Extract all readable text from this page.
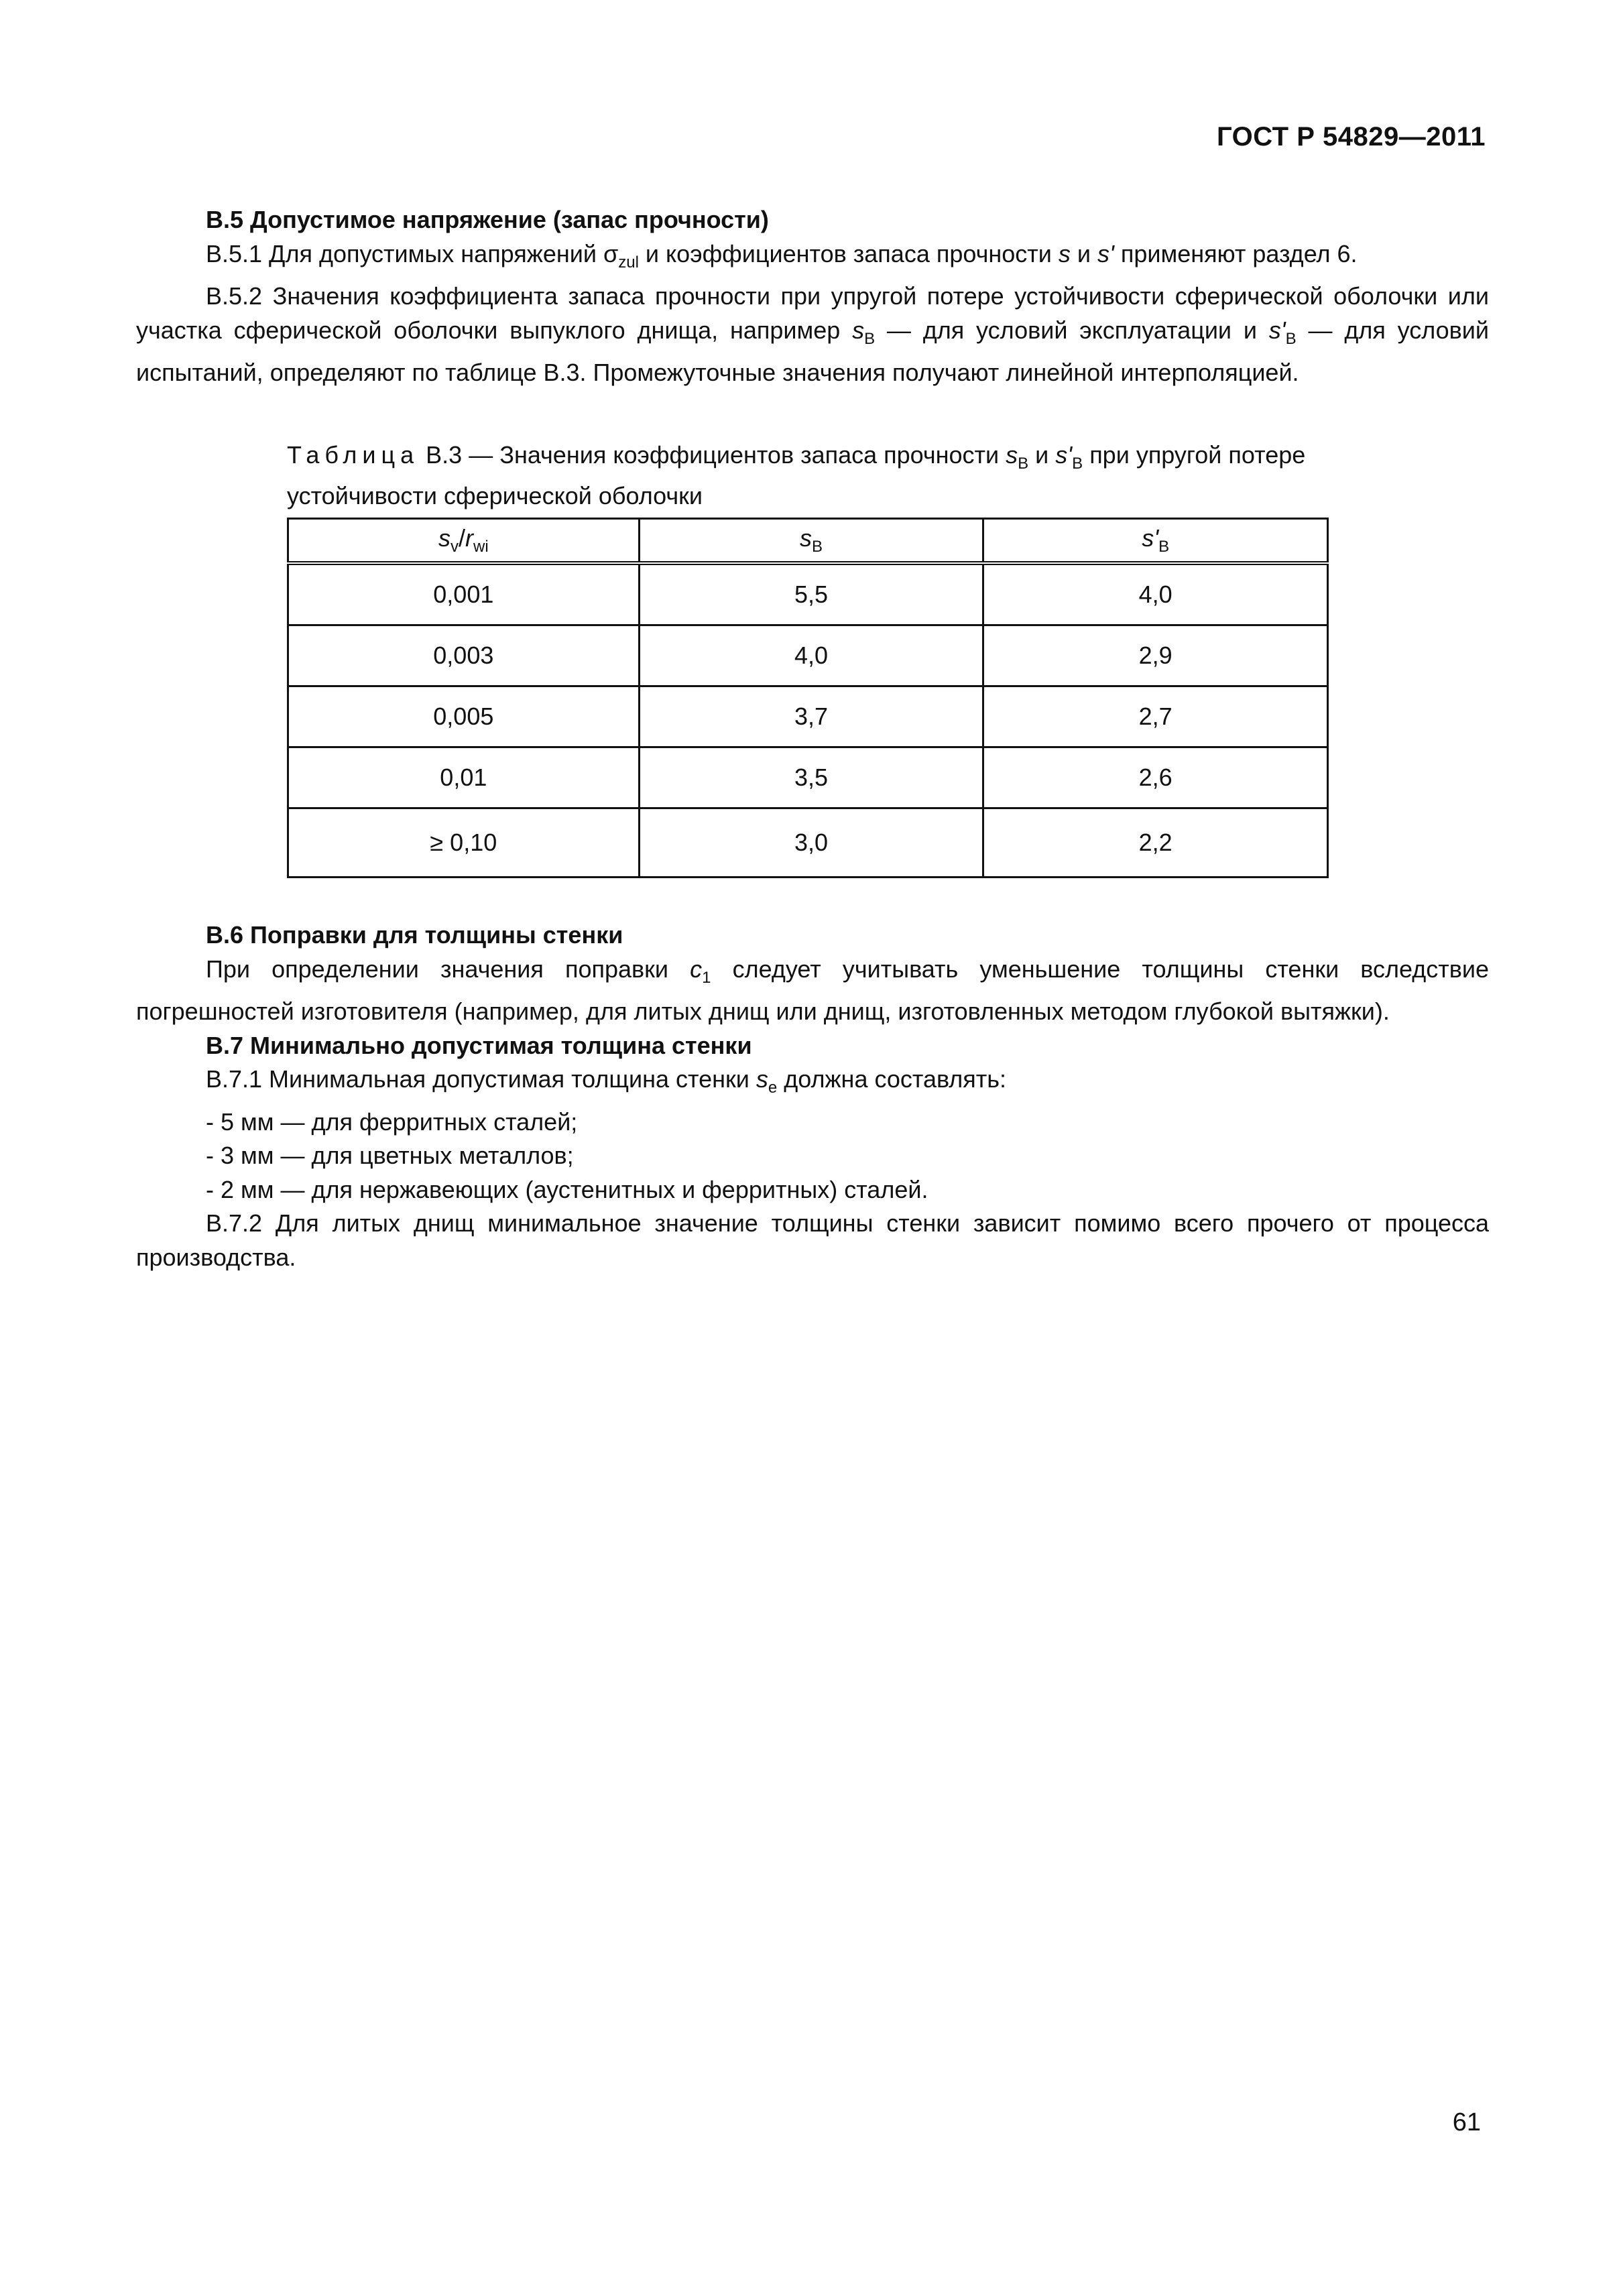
ГОСТ Р 54829—2011

В.5 Допустимое напряжение (запас прочности)

В.5.1 Для допустимых напряжений $\sigma_{zul}$ и коэффициентов запаса прочности s и s' применяют раздел 6.

В.5.2 Значения коэффициента запаса прочности при упругой потере устойчивости сферической оболочки или участка сферической оболочки выпуклого днища, например $s_B$ — для условий эксплуатации и $s'_B$ — для условий испытаний, определяют по таблице В.3. Промежуточные значения получают линейной интерполяцией.

Таблица В.3 — Значения коэффициентов запаса прочности $s_B$ и $s'_B$ при упругой потере устойчивости сферической оболочки
$s_v/r_{wi}$	$s_B$	$s'_B$
0,001	5,5	4,0
0,003	4,0	2,9
0,005	3,7	2,7
0,01	3,5	2,6
≥ 0,10	3,0	2,2

В.6 Поправки для толщины стенки

При определении значения поправки $c_1$ следует учитывать уменьшение толщины стенки вследствие погрешностей изготовителя (например, для литых днищ или днищ, изготовленных методом глубокой вытяжки).

В.7 Минимально допустимая толщина стенки

В.7.1 Минимальная допустимая толщина стенки $s_e$ должна составлять:

- 5 мм — для ферритных сталей;

- 3 мм — для цветных металлов;

- 2 мм — для нержавеющих (аустенитных и ферритных) сталей.

В.7.2 Для литых днищ минимальное значение толщины стенки зависит помимо всего прочего от процесса производства.

61
